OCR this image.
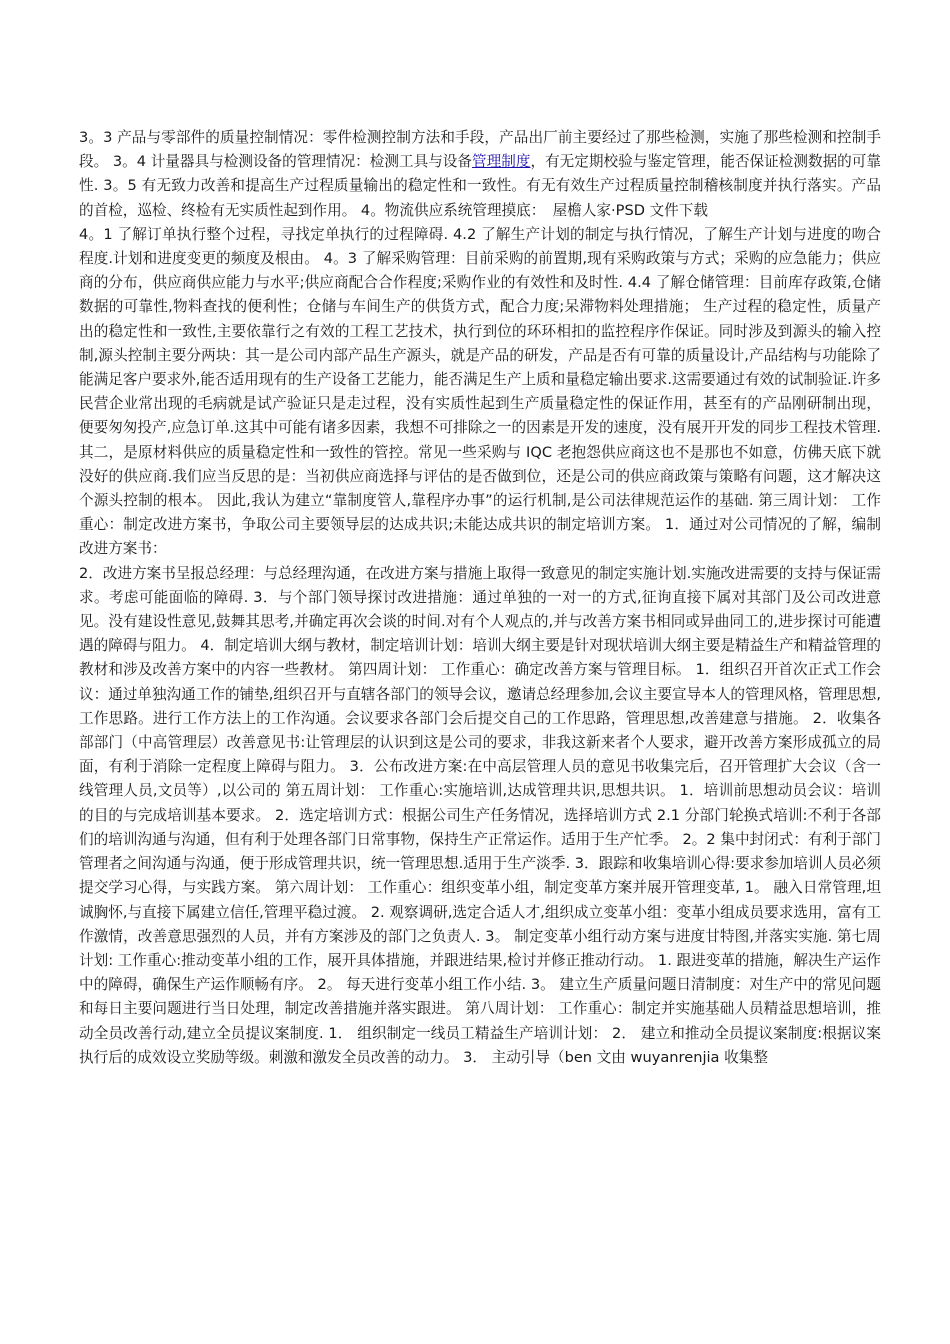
3。3 产品与零部件的质量控制情况：零件检测控制方法和手段，产品出厂前主要经过了那些检测，实施了那些检测和控制手段。 3。4 计量器具与检测设备的管理情况：检测工具与设备管理制度，有无定期校验与鉴定管理，能否保证检测数据的可靠性. 3。5 有无致力改善和提高生产过程质量输出的稳定性和一致性。有无有效生产过程质量控制稽核制度并执行落实。产品的首检，巡检、终检有无实质性起到作用。 4。物流供应系统管理摸底：　屋檐人家·PSD 文件下载

4。1 了解订单执行整个过程，寻找定单执行的过程障碍. 4.2 了解生产计划的制定与执行情况，了解生产计划与进度的吻合程度.计划和进度变更的频度及根由。 4。3 了解采购管理：目前采购的前置期,现有采购政策与方式；采购的应急能力；供应商的分布，供应商供应能力与水平;供应商配合合作程度;采购作业的有效性和及时性. 4.4 了解仓储管理：目前库存政策,仓储数据的可靠性,物料查找的便利性；仓储与车间生产的供货方式，配合力度;呆滞物料处理措施； 生产过程的稳定性，质量产出的稳定性和一致性,主要依靠行之有效的工程工艺技术，执行到位的环环相扣的监控程序作保证。同时涉及到源头的输入控制,源头控制主要分两块：其一是公司内部产品生产源头，就是产品的研发，产品是否有可靠的质量设计,产品结构与功能除了能满足客户要求外,能否适用现有的生产设备工艺能力，能否满足生产上质和量稳定输出要求.这需要通过有效的试制验证.许多民营企业常出现的毛病就是试产验证只是走过程，没有实质性起到生产质量稳定性的保证作用，甚至有的产品刚研制出现，便要匆匆投产,应急订单.这其中可能有诸多因素，我想不可排除之一的因素是开发的速度，没有展开开发的同步工程技术管理.其二，是原材料供应的质量稳定性和一致性的管控。常见一些采购与 IQC 老抱怨供应商这也不是那也不如意，仿佛天底下就没好的供应商.我们应当反思的是：当初供应商选择与评估的是否做到位，还是公司的供应商政策与策略有问题，这才解决这个源头控制的根本。 因此,我认为建立“靠制度管人,靠程序办事”的运行机制,是公司法律规范运作的基础. 第三周计划： 工作重心：制定改进方案书，争取公司主要领导层的达成共识;未能达成共识的制定培训方案。 1．通过对公司情况的了解，编制改进方案书：

2．改进方案书呈报总经理：与总经理沟通，在改进方案与措施上取得一致意见的制定实施计划.实施改进需要的支持与保证需求。考虑可能面临的障碍. 3．与个部门领导探讨改进措施：通过单独的一对一的方式,征询直接下属对其部门及公司改进意见。没有建设性意见,鼓舞其思考,并确定再次会谈的时间.对有个人观点的,并与改善方案书相同或异曲同工的,进步探讨可能遭遇的障碍与阻力。 4．制定培训大纲与教材，制定培训计划：培训大纲主要是针对现状培训大纲主要是精益生产和精益管理的教材和涉及改善方案中的内容一些教材。 第四周计划： 工作重心：确定改善方案与管理目标。 1．组织召开首次正式工作会议：通过单独沟通工作的铺垫,组织召开与直辖各部门的领导会议，邀请总经理参加,会议主要宣导本人的管理风格，管理思想,工作思路。进行工作方法上的工作沟通。会议要求各部门会后提交自己的工作思路，管理思想,改善建意与措施。 2．收集各部部门（中高管理层）改善意见书:让管理层的认识到这是公司的要求，非我这新来者个人要求，避开改善方案形成孤立的局面，有利于消除一定程度上障碍与阻力。 3．公布改进方案:在中高层管理人员的意见书收集完后，召开管理扩大会议（含一线管理人员,文员等）,以公司的 第五周计划： 工作重心:实施培训,达成管理共识,思想共识。 1．培训前思想动员会议：培训的目的与完成培训基本要求。 2．选定培训方式：根据公司生产任务情况，选择培训方式 2.1 分部门轮换式培训:不利于各部们的培训沟通与沟通，但有利于处理各部门日常事物，保持生产正常运作。适用于生产忙季。 2。2 集中封闭式：有利于部门管理者之间沟通与沟通，便于形成管理共识，统一管理思想.适用于生产淡季. 3．跟踪和收集培训心得:要求参加培训人员必须提交学习心得，与实践方案。 第六周计划： 工作重心：组织变革小组，制定变革方案并展开管理变革, 1。 融入日常管理,坦诚胸怀,与直接下属建立信任,管理平稳过渡。 2. 观察调研,选定合适人才,组织成立变革小组：变革小组成员要求选用，富有工作激情，改善意思强烈的人员，并有方案涉及的部门之负责人. 3。 制定变革小组行动方案与进度甘特图,并落实实施. 第七周计划: 工作重心:推动变革小组的工作，展开具体措施，并跟进结果,检讨并修正推动行动。 1. 跟进变革的措施，解决生产运作中的障碍，确保生产运作顺畅有序。 2。 每天进行变革小组工作小结. 3。 建立生产质量问题日清制度：对生产中的常见问题和每日主要问题进行当日处理，制定改善措施并落实跟进。 第八周计划： 工作重心：制定并实施基础人员精益思想培训，推动全员改善行动,建立全员提议案制度. 1． 组织制定一线员工精益生产培训计划： 2． 建立和推动全员提议案制度:根据议案执行后的成效设立奖励等级。刺激和激发全员改善的动力。 3． 主动引导（ben 文由 wuyanrenjia 收集整
